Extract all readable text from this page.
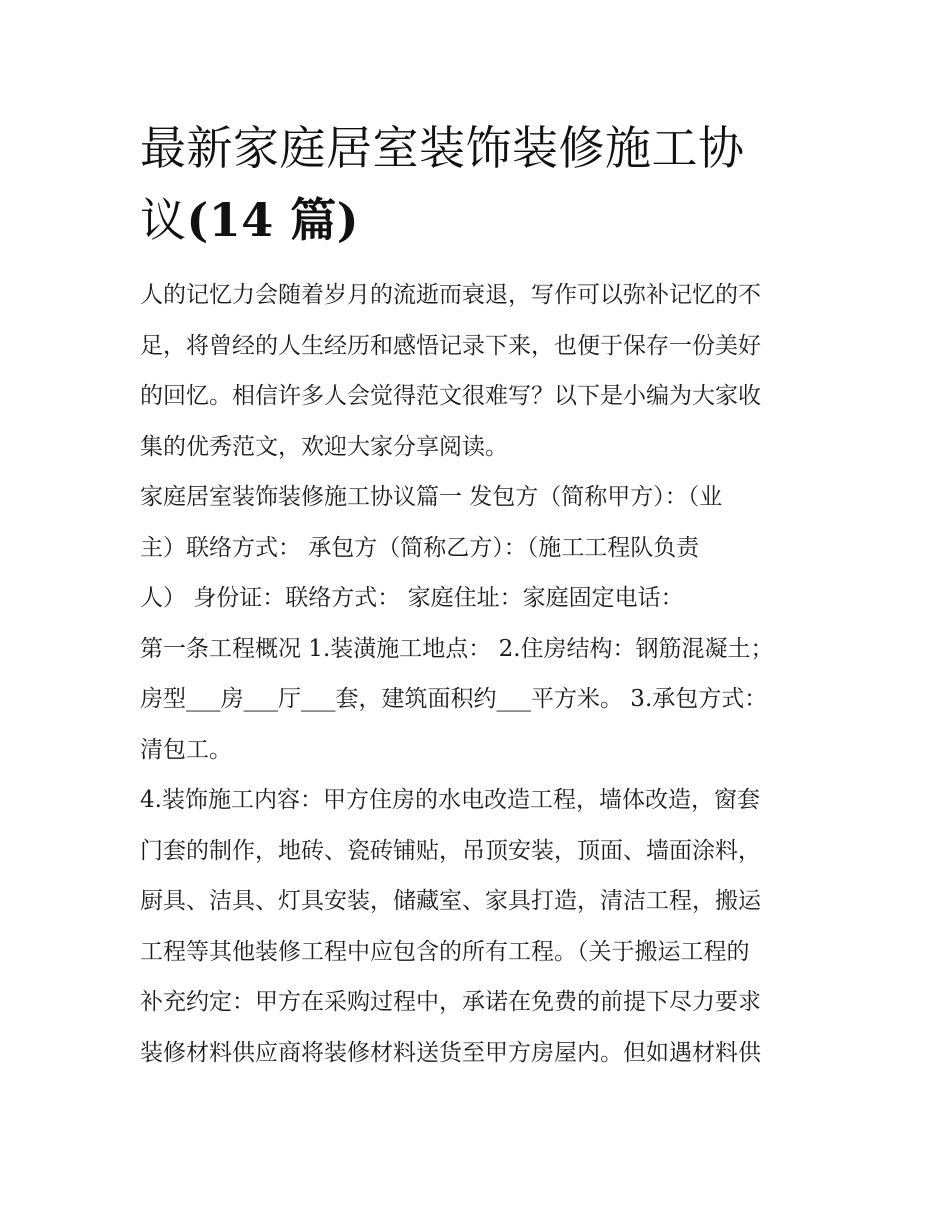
最新家庭居室装饰装修施工协
议(14 篇)

人的记忆力会随着岁月的流逝而衰退，写作可以弥补记忆的不
足，将曾经的人生经历和感悟记录下来，也便于保存一份美好
的回忆。相信许多人会觉得范文很难写？以下是小编为大家收
集的优秀范文，欢迎大家分享阅读。

家庭居室装饰装修施工协议篇一 发包方（简称甲方）：（业
主）联络方式： 承包方（简称乙方）：（施工工程队负责
人） 身份证：联络方式： 家庭住址：家庭固定电话：

第一条工程概况 1.装潢施工地点： 2.住房结构：钢筋混凝土；
房型___房___厅___套，建筑面积约___平方米。 3.承包方式：
清包工。

4.装饰施工内容：甲方住房的水电改造工程，墙体改造，窗套
门套的制作，地砖、瓷砖铺贴，吊顶安装，顶面、墙面涂料，
厨具、洁具、灯具安装，储藏室、家具打造，清洁工程，搬运
工程等其他装修工程中应包含的所有工程。（关于搬运工程的
补充约定：甲方在采购过程中，承诺在免费的前提下尽力要求
装修材料供应商将装修材料送货至甲方房屋内。但如遇材料供
